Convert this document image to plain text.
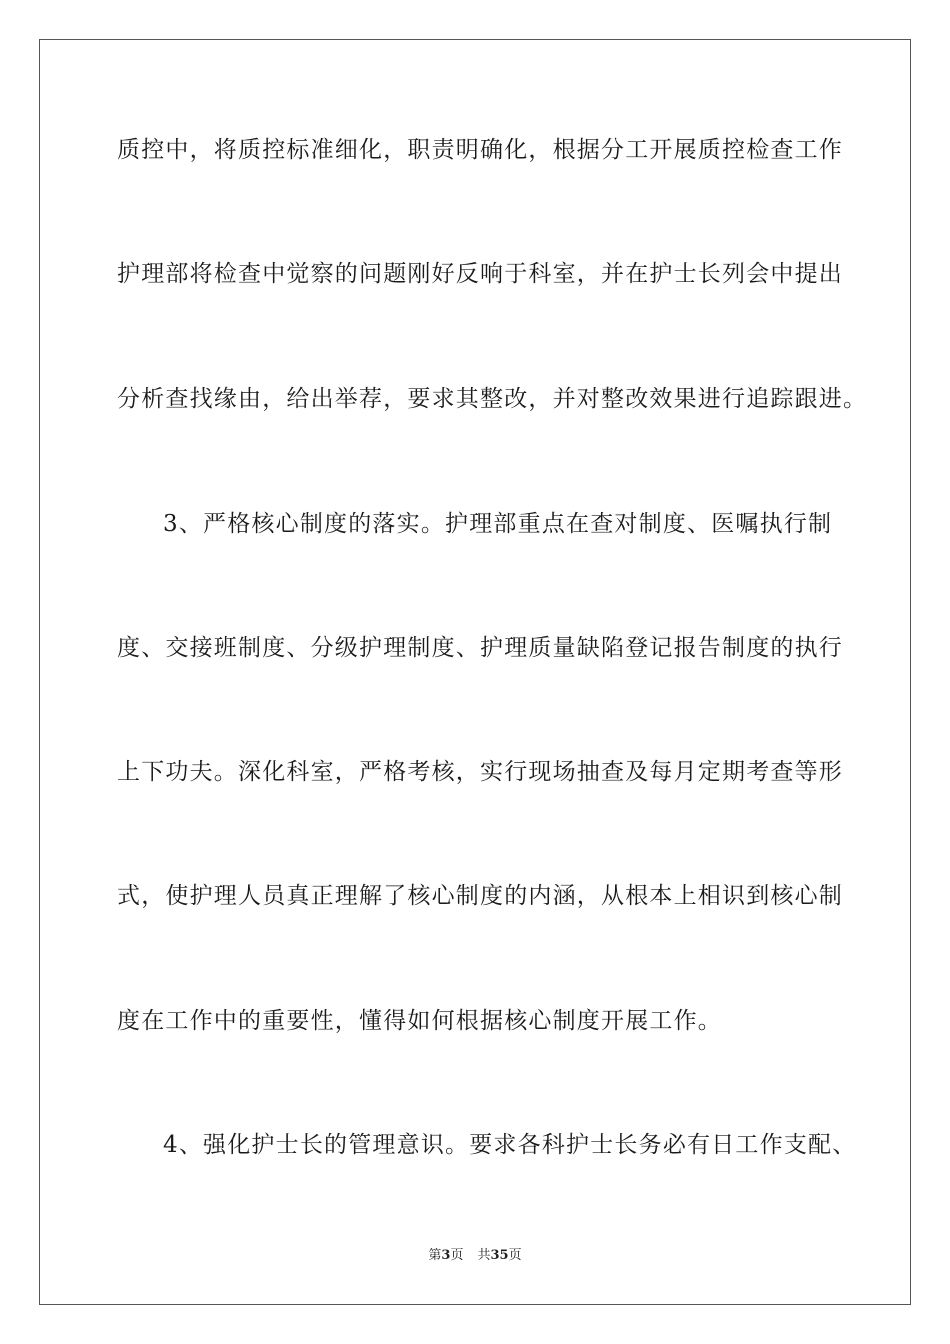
质控中，将质控标准细化，职责明确化，根据分工开展质控检查工作
护理部将检查中觉察的问题刚好反响于科室，并在护士长列会中提出
分析查找缘由，给出举荐，要求其整改，并对整改效果进行追踪跟进。
3、严格核心制度的落实。护理部重点在查对制度、医嘱执行制
度、交接班制度、分级护理制度、护理质量缺陷登记报告制度的执行
上下功夫。深化科室，严格考核，实行现场抽查及每月定期考查等形
式，使护理人员真正理解了核心制度的内涵，从根本上相识到核心制
度在工作中的重要性，懂得如何根据核心制度开展工作。
4、强化护士长的管理意识。要求各科护士长务必有日工作支配、
第3页 共35页
